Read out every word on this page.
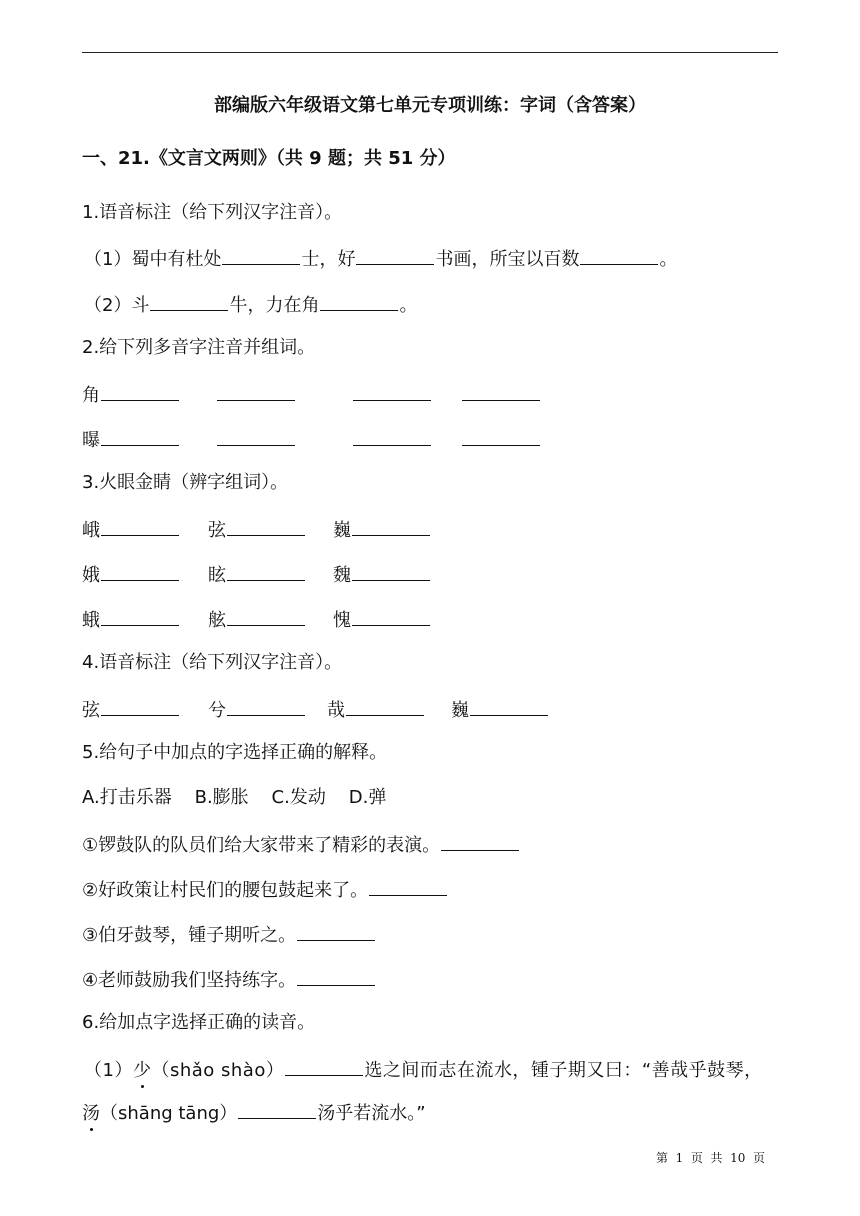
部编版六年级语文第七单元专项训练：字词（含答案）
一、21.《文言文两则》（共 9 题；共 51 分）
1.语音标注（给下列汉字注音）。
（1）蜀中有杜处	士，好	书画，所宝以百数	。
（2）斗	牛，力在角	。
2.给下列多音字注音并组词。
角
曝
3.火眼金睛（辨字组词）。
峨	弦	巍
娥	眩	魏
蛾	舷	愧
4.语音标注（给下列汉字注音）。
弦	兮	哉	巍
5.给句子中加点的字选择正确的解释。
A.打击乐器    B.膨胀    C.发动    D.弹
①锣鼓队的队员们给大家带来了精彩的表演。
②好政策让村民们的腰包鼓起来了。
③伯牙鼓琴，锺子期听之。
④老师鼓励我们坚持练字。
6.给加点字选择正确的读音。
（1）少（shǎo shào）	选之间而志在流水，锺子期又曰：“善哉乎鼓琴，
汤（shāng tāng）	汤乎若流水。”
第  1  页  共  10  页
